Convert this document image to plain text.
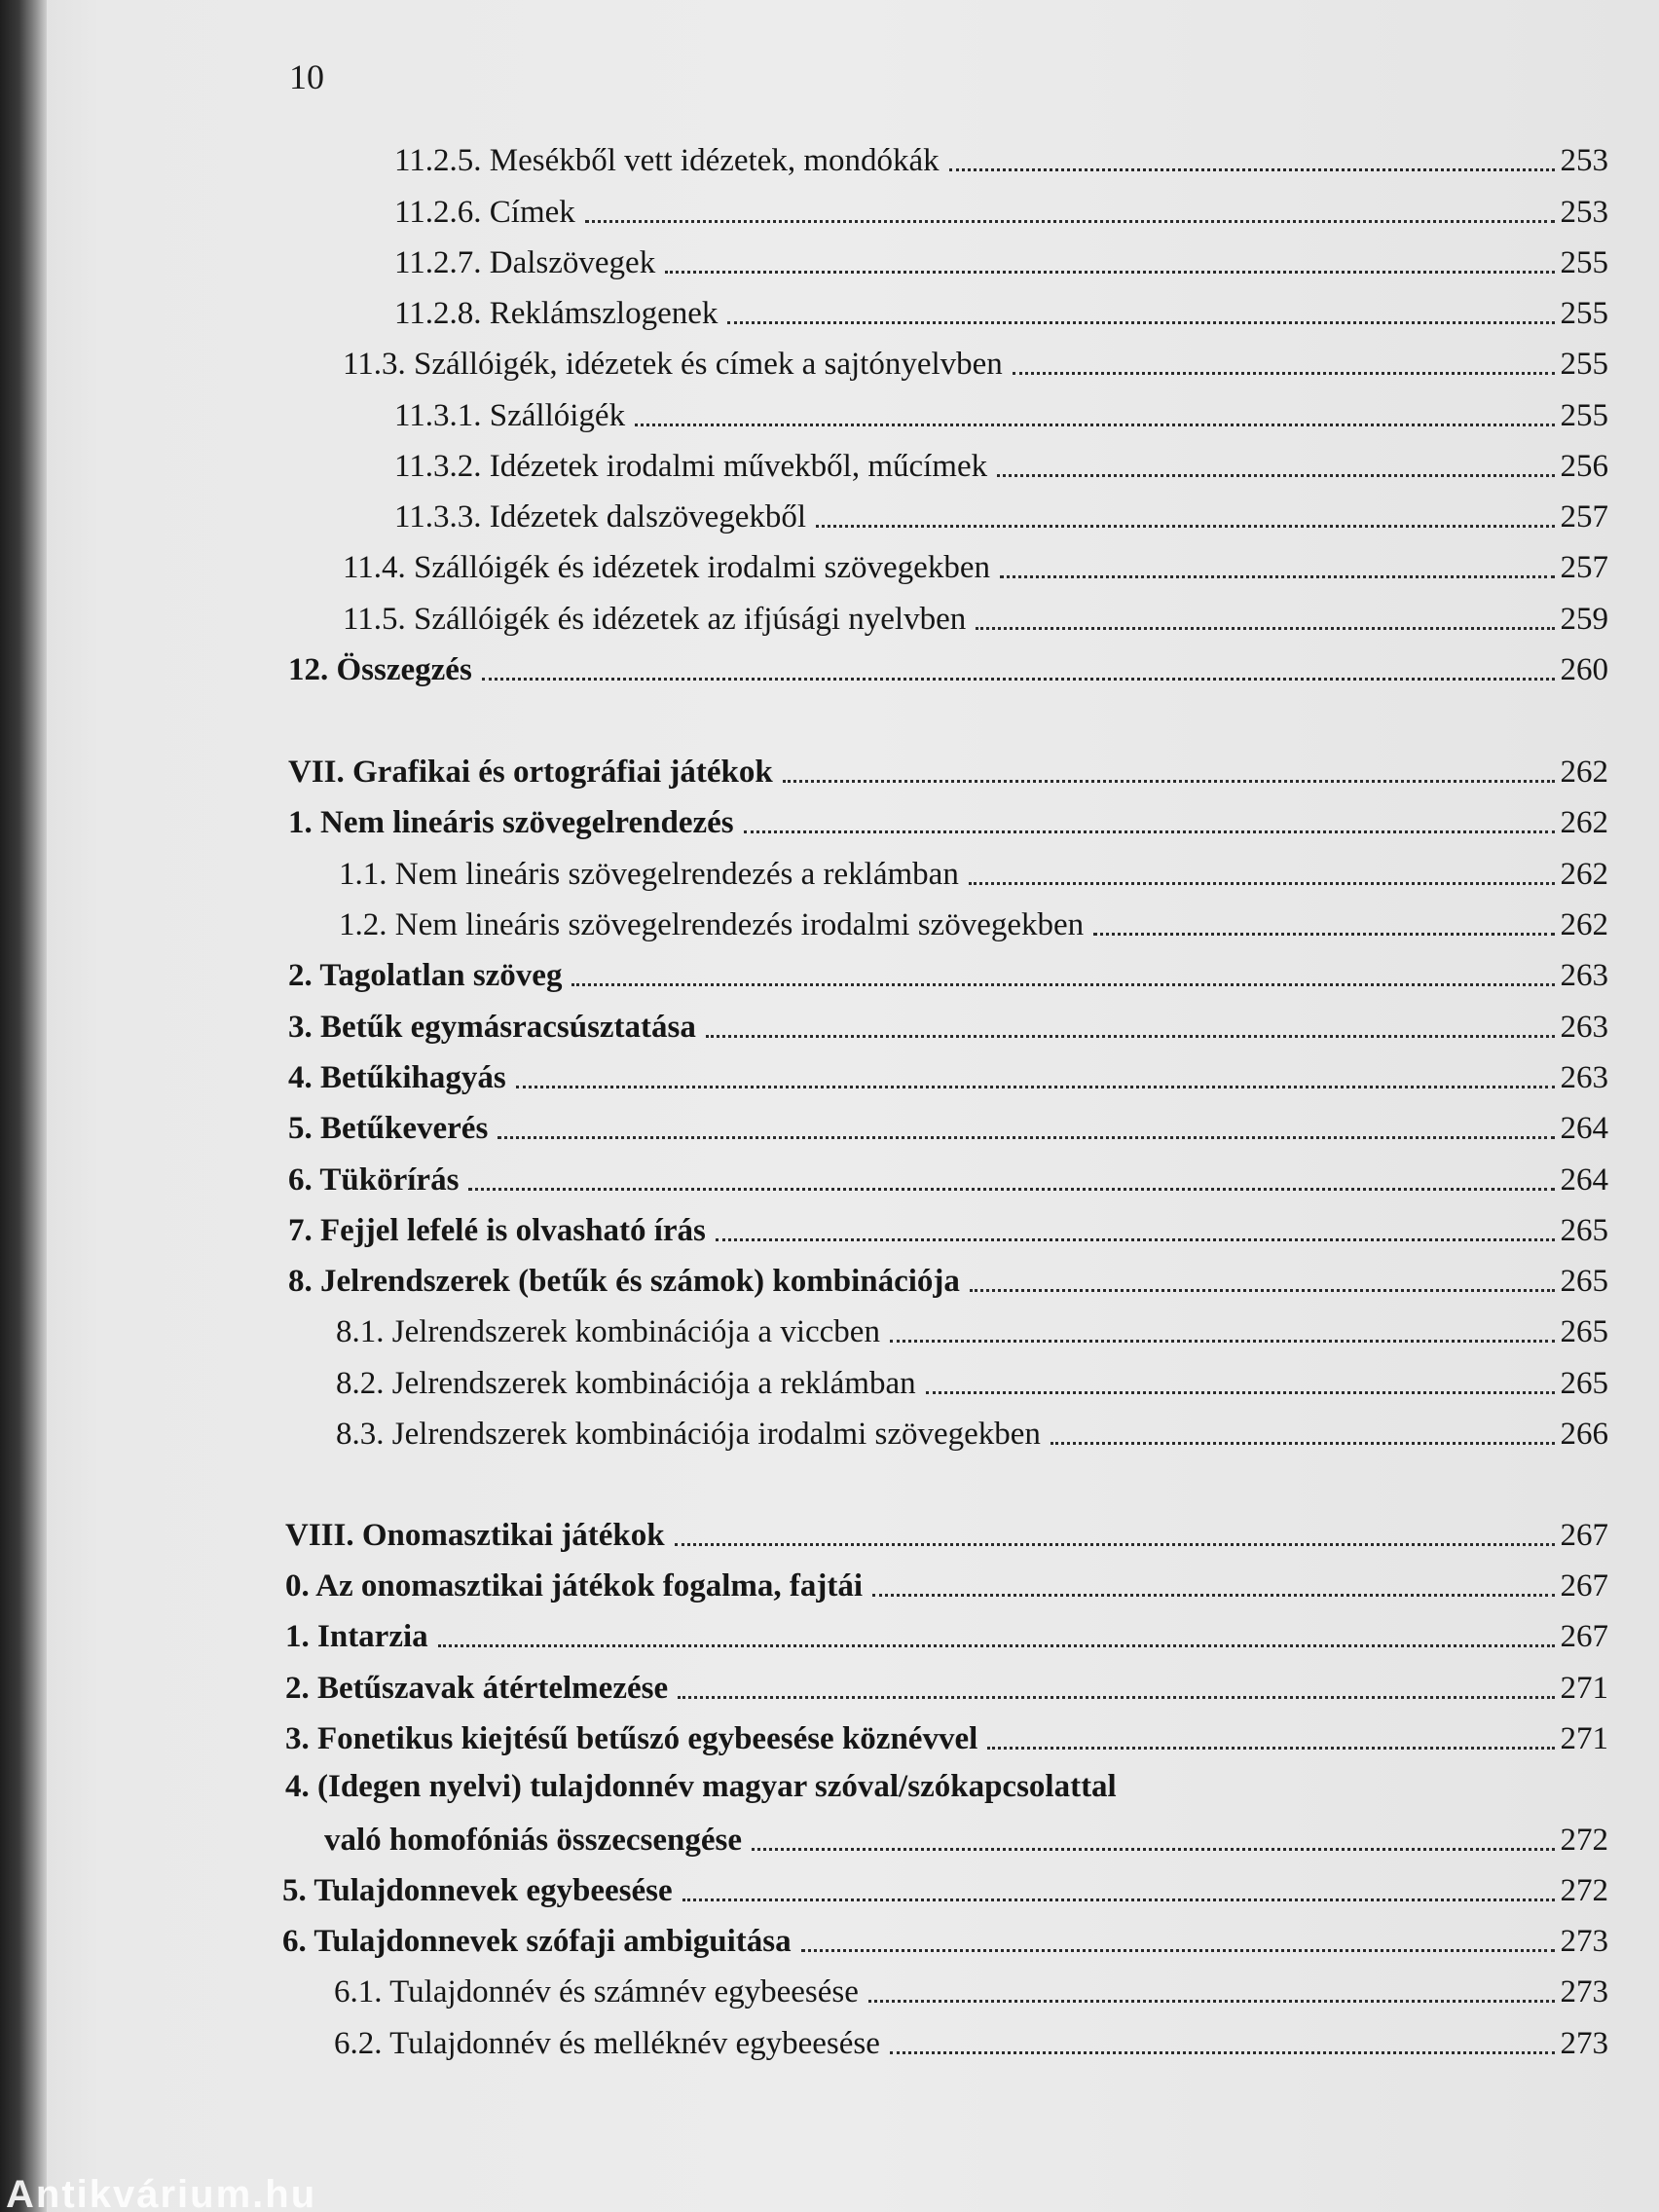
10
11.2.5. Mesékből vett idézetek, mondókák	253
11.2.6. Címek	253
11.2.7. Dalszövegek	255
11.2.8. Reklámszlogenek	255
11.3. Szállóigék, idézetek és címek a sajtónyelvben	255
11.3.1. Szállóigék	255
11.3.2. Idézetek irodalmi művekből, műcímek	256
11.3.3. Idézetek dalszövegekből	257
11.4. Szállóigék és idézetek irodalmi szövegekben	257
11.5. Szállóigék és idézetek az ifjúsági nyelvben	259
12. Összegzés	260
VII. Grafikai és ortográfiai játékok	262
1. Nem lineáris szövegelrendezés	262
1.1. Nem lineáris szövegelrendezés a reklámban	262
1.2. Nem lineáris szövegelrendezés irodalmi szövegekben	262
2. Tagolatlan szöveg	263
3. Betűk egymásracsúsztatása	263
4. Betűkihagyás	263
5. Betűkeverés	264
6. Tükörírás	264
7. Fejjel lefelé is olvasható írás	265
8. Jelrendszerek (betűk és számok) kombinációja	265
8.1. Jelrendszerek kombinációja a viccben	265
8.2. Jelrendszerek kombinációja a reklámban	265
8.3. Jelrendszerek kombinációja irodalmi szövegekben	266
VIII. Onomasztikai játékok	267
0. Az onomasztikai játékok fogalma, fajtái	267
1. Intarzia	267
2. Betűszavak átértelmezése	271
3. Fonetikus kiejtésű betűszó egybeesése köznévvel	271
4. (Idegen nyelvi) tulajdonnév magyar szóval/szókapcsolattal
való homofóniás összecsengése	272
5. Tulajdonnevek egybeesése	272
6. Tulajdonnevek szófaji ambiguitása	273
6.1. Tulajdonnév és számnév egybeesése	273
6.2. Tulajdonnév és melléknév egybeesése	273
Antikvárium.hu
